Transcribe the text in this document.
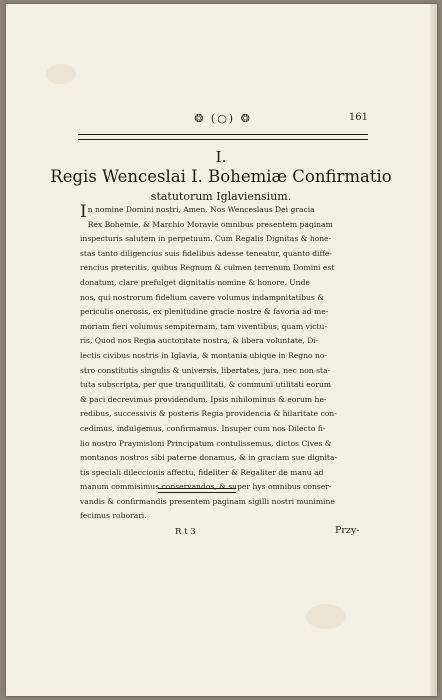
❂ (○) ❂	161
I.
Regis Wenceslai I. Bohemiæ Confirmatio
statutorum Iglaviensium.
I n nomine Domini nostri, Amen. Nos Wenceslaus Dei gracia
Rex Bohemie, & Marchio Moravie omnibus presentem paginam
inspecturis salutem in perpetuum. Cum Regalis Dignitas & hone-
stas tanto diligencius suis fidelibus adesse teneatur, quanto diffe-
rencius preteritis, quibus Regnum & culmen terrenum Domini est
donatum, clare prefulget dignitatis nomine & honore. Unde
nos, qui nostrorum fidelium cavere volumus indampnitatibus &
periculis onerosis, ex plenitudine gracie nostre & favoria ad me-
moriam fieri volumus sempiternam, tam viventibus, quam victu-
ris, Quod nos Regia auctoritate nostra, & libera voluntate, Di-
lectis civibus nostris in Iglavia, & montania ubique in Regno no-
stro constitutis singulis & universis, libertates, jura, nec non sta-
tuta subscripta, per que tranquillitati, & communi utilitati eorum
& paci decrevimus providendum. Ipsis nihilominus & eorum he-
redibus, successivis & posteris Regia providencia & hilaritate con-
cedimus, indulgemus, confirmamus. Insuper cum nos Dilecto fi-
lio nostro Praymisloni Principatum contulissemus, dictos Cives &
montanos nostros sibi paterne donamus, & in graciam sue dignita-
tis speciali dileccionis affectu, fideliter & Regaliter de manu ad
manum commisimus conservandos, & super hys omnibus conser-
vandis & confirmandis presentem paginam sigilli nostri munimine
fecimus roborari.
R t 3	Przy-
